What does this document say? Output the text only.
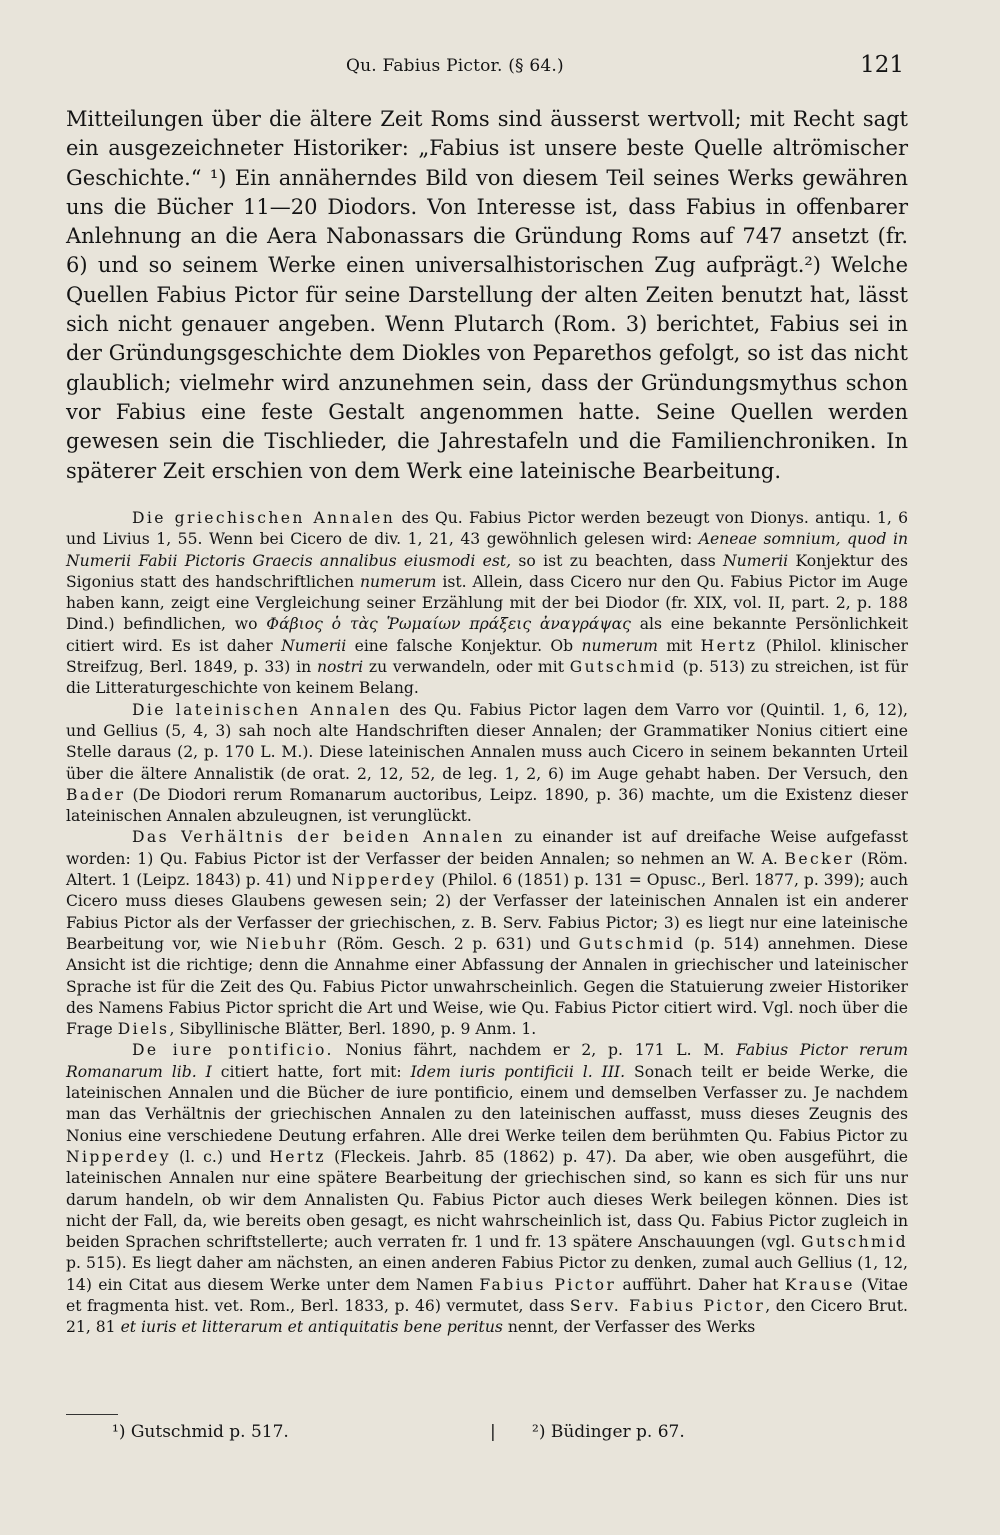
Qu. Fabius Pictor. (§ 64.)	121

Mitteilungen über die ältere Zeit Roms sind äusserst wertvoll; mit Recht sagt ein ausgezeichneter Historiker: „Fabius ist unsere beste Quelle altrömischer Geschichte.“ ¹) Ein annäherndes Bild von diesem Teil seines Werks gewähren uns die Bücher 11—20 Diodors. Von Interesse ist, dass Fabius in offenbarer Anlehnung an die Aera Nabonassars die Gründung Roms auf 747 ansetzt (fr. 6) und so seinem Werke einen universalhistorischen Zug aufprägt.²) Welche Quellen Fabius Pictor für seine Darstellung der alten Zeiten benutzt hat, lässt sich nicht genauer angeben. Wenn Plutarch (Rom. 3) berichtet, Fabius sei in der Gründungsgeschichte dem Diokles von Peparethos gefolgt, so ist das nicht glaublich; vielmehr wird anzunehmen sein, dass der Gründungsmythus schon vor Fabius eine feste Gestalt angenommen hatte. Seine Quellen werden gewesen sein die Tischlieder, die Jahrestafeln und die Familienchroniken. In späterer Zeit erschien von dem Werk eine lateinische Bearbeitung.

Die griechischen Annalen des Qu. Fabius Pictor werden bezeugt von Dionys. antiqu. 1, 6 und Livius 1, 55. Wenn bei Cicero de div. 1, 21, 43 gewöhnlich gelesen wird: Aeneae somnium, quod in Numerii Fabii Pictoris Graecis annalibus eiusmodi est, so ist zu beachten, dass Numerii Konjektur des Sigonius statt des handschriftlichen numerum ist. Allein, dass Cicero nur den Qu. Fabius Pictor im Auge haben kann, zeigt eine Vergleichung seiner Erzählung mit der bei Diodor (fr. XIX, vol. II, part. 2, p. 188 Dind.) befindlichen, wo Φάβιος ὁ τὰς Ῥωμαίων πράξεις ἀναγράψας als eine bekannte Persönlichkeit citiert wird. Es ist daher Numerii eine falsche Konjektur. Ob numerum mit Hertz (Philol. klinischer Streifzug, Berl. 1849, p. 33) in nostri zu verwandeln, oder mit Gutschmid (p. 513) zu streichen, ist für die Litteraturgeschichte von keinem Belang.

Die lateinischen Annalen des Qu. Fabius Pictor lagen dem Varro vor (Quintil. 1, 6, 12), und Gellius (5, 4, 3) sah noch alte Handschriften dieser Annalen; der Grammatiker Nonius citiert eine Stelle daraus (2, p. 170 L. M.). Diese lateinischen Annalen muss auch Cicero in seinem bekannten Urteil über die ältere Annalistik (de orat. 2, 12, 52, de leg. 1, 2, 6) im Auge gehabt haben. Der Versuch, den Bader (De Diodori rerum Romanarum auctoribus, Leipz. 1890, p. 36) machte, um die Existenz dieser lateinischen Annalen abzuleugnen, ist verunglückt.

Das Verhältnis der beiden Annalen zu einander ist auf dreifache Weise aufgefasst worden: 1) Qu. Fabius Pictor ist der Verfasser der beiden Annalen; so nehmen an W. A. Becker (Röm. Altert. 1 (Leipz. 1843) p. 41) und Nipperdey (Philol. 6 (1851) p. 131 = Opusc., Berl. 1877, p. 399); auch Cicero muss dieses Glaubens gewesen sein; 2) der Verfasser der lateinischen Annalen ist ein anderer Fabius Pictor als der Verfasser der griechischen, z. B. Serv. Fabius Pictor; 3) es liegt nur eine lateinische Bearbeitung vor, wie Niebuhr (Röm. Gesch. 2 p. 631) und Gutschmid (p. 514) annehmen. Diese Ansicht ist die richtige; denn die Annahme einer Abfassung der Annalen in griechischer und lateinischer Sprache ist für die Zeit des Qu. Fabius Pictor unwahrscheinlich. Gegen die Statuierung zweier Historiker des Namens Fabius Pictor spricht die Art und Weise, wie Qu. Fabius Pictor citiert wird. Vgl. noch über die Frage Diels, Sibyllinische Blätter, Berl. 1890, p. 9 Anm. 1.

De iure pontificio. Nonius fährt, nachdem er 2, p. 171 L. M. Fabius Pictor rerum Romanarum lib. I citiert hatte, fort mit: Idem iuris pontificii l. III. Sonach teilt er beide Werke, die lateinischen Annalen und die Bücher de iure pontificio, einem und demselben Verfasser zu. Je nachdem man das Verhältnis der griechischen Annalen zu den lateinischen auffasst, muss dieses Zeugnis des Nonius eine verschiedene Deutung erfahren. Alle drei Werke teilen dem berühmten Qu. Fabius Pictor zu Nipperdey (l. c.) und Hertz (Fleckeis. Jahrb. 85 (1862) p. 47). Da aber, wie oben ausgeführt, die lateinischen Annalen nur eine spätere Bearbeitung der griechischen sind, so kann es sich für uns nur darum handeln, ob wir dem Annalisten Qu. Fabius Pictor auch dieses Werk beilegen können. Dies ist nicht der Fall, da, wie bereits oben gesagt, es nicht wahrscheinlich ist, dass Qu. Fabius Pictor zugleich in beiden Sprachen schriftstellerte; auch verraten fr. 1 und fr. 13 spätere Anschauungen (vgl. Gutschmid p. 515). Es liegt daher am nächsten, an einen anderen Fabius Pictor zu denken, zumal auch Gellius (1, 12, 14) ein Citat aus diesem Werke unter dem Namen Fabius Pictor aufführt. Daher hat Krause (Vitae et fragmenta hist. vet. Rom., Berl. 1833, p. 46) vermutet, dass Serv. Fabius Pictor, den Cicero Brut. 21, 81 et iuris et litterarum et antiquitatis bene peritus nennt, der Verfasser des Werks

¹) Gutschmid p. 517.	| ²) Büdinger p. 67.
